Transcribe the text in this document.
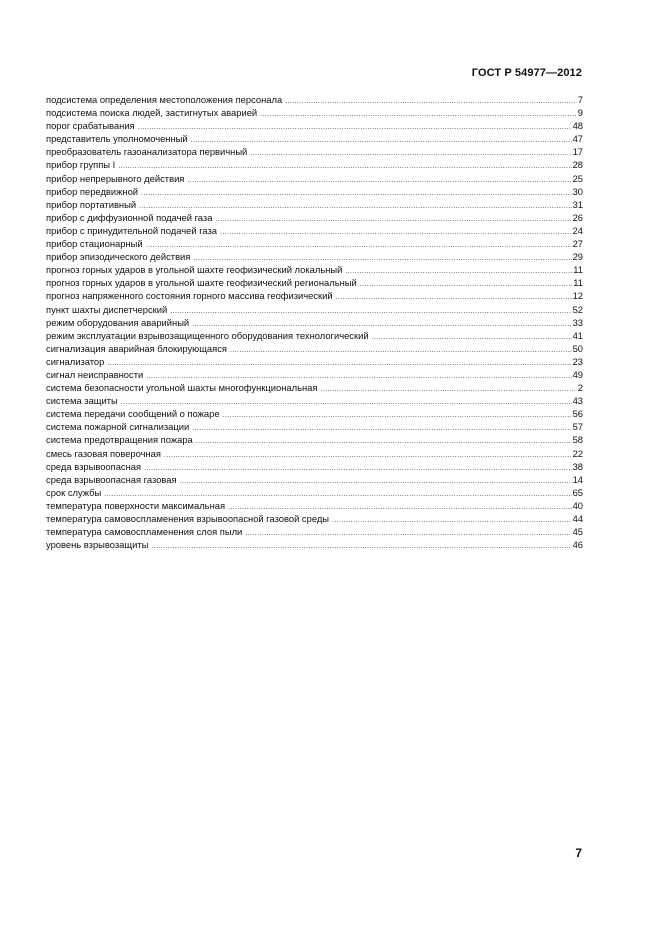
ГОСТ Р 54977—2012
подсистема определения местоположения персонала .....	7
подсистема поиска людей, застигнутых аварией .....	9
порог срабатывания .....	48
представитель уполномоченный .....	47
преобразователь газоанализатора первичный .....	17
прибор группы I .....	28
прибор непрерывного действия .....	25
прибор передвижной .....	30
прибор портативный .....	31
прибор с диффузионной подачей газа .....	26
прибор с принудительной подачей газа .....	24
прибор стационарный .....	27
прибор эпизодического действия .....	29
прогноз горных ударов в угольной шахте геофизический локальный .....	11
прогноз горных ударов в угольной шахте геофизический региональный .....	11
прогноз напряженного состояния горного массива геофизический .....	12
пункт шахты диспетчерский .....	52
режим оборудования аварийный .....	33
режим эксплуатации взрывозащищенного оборудования технологический .....	41
сигнализация аварийная блокирующаяся .....	50
сигнализатор .....	23
сигнал неисправности .....	49
система безопасности угольной шахты многофункциональная .....	2
система защиты .....	43
система передачи сообщений о пожаре .....	56
система пожарной сигнализации .....	57
система предотвращения пожара .....	58
смесь газовая поверочная .....	22
среда взрывоопасная .....	38
среда взрывоопасная газовая .....	14
срок службы .....	65
температура поверхности максимальная .....	40
температура самовоспламенения взрывоопасной газовой среды .....	44
температура самовоспламенения слоя пыли .....	45
уровень взрывозащиты .....	46
7
